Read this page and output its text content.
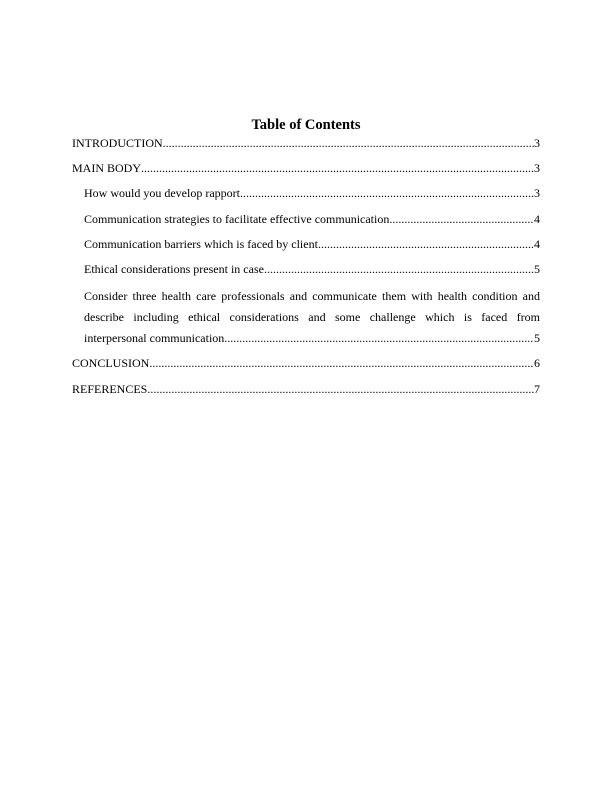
Table of Contents
INTRODUCTION .....	3
MAIN BODY .....	3
How would you develop rapport .....	3
Communication strategies to facilitate effective communication .....	4
Communication barriers which is faced by client .....	4
Ethical considerations present in case .....	5
Consider three health care professionals and communicate them with health condition and
describe including ethical considerations and some challenge which is faced from
interpersonal communication .....	5
CONCLUSION .....	6
REFERENCES .....	7
